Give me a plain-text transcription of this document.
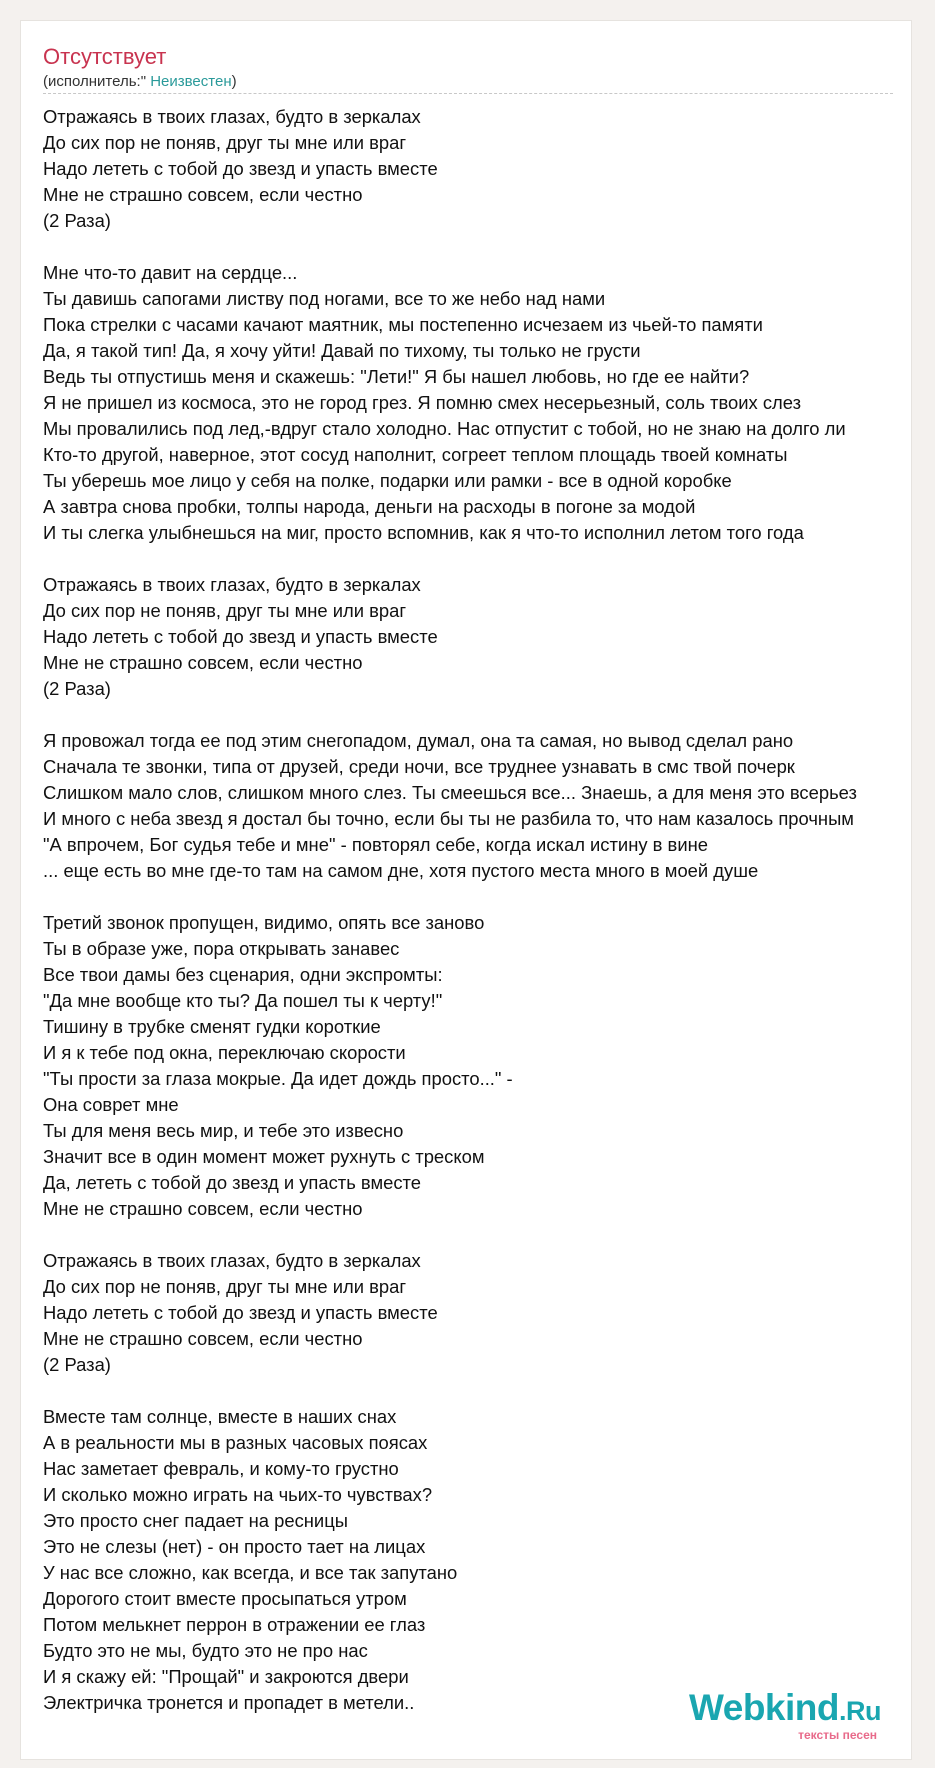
Отсутствует
(исполнитель:" Неизвестен)
Отражаясь в твоих глазах, будто в зеркалах
До сих пор не поняв, друг ты мне или враг
Надо лететь с тобой до звезд и упасть вместе
Мне не страшно совсем, если честно
(2 Раза)
Мне что-то давит на сердце...
Ты давишь сапогами листву под ногами, все то же небо над нами
Пока стрелки с часами качают маятник, мы постепенно исчезаем из чьей-то памяти
Да, я такой тип! Да, я хочу уйти! Давай по тихому, ты только не грусти
Ведь ты отпустишь меня и скажешь: "Лети!" Я бы нашел любовь, но где ее найти?
Я не пришел из космоса, это не город грез. Я помню смех несерьезный, соль твоих слез
Мы провалились под лед,-вдруг стало холодно. Нас отпустит с тобой, но не знаю на долго ли
Кто-то другой, наверное, этот сосуд наполнит, согреет теплом площадь твоей комнаты
Ты уберешь мое лицо у себя на полке, подарки или рамки - все в одной коробке
А завтра снова пробки, толпы народа, деньги на расходы в погоне за модой
И ты слегка улыбнешься на миг, просто вспомнив, как я что-то исполнил летом того года
Отражаясь в твоих глазах, будто в зеркалах
До сих пор не поняв, друг ты мне или враг
Надо лететь с тобой до звезд и упасть вместе
Мне не страшно совсем, если честно
(2 Раза)
Я провожал тогда ее под этим снегопадом, думал, она та самая, но вывод сделал рано
Сначала те звонки, типа от друзей, среди ночи, все труднее узнавать в смс твой почерк
Слишком мало слов, слишком много слез. Ты смеешься все... Знаешь, а для меня это всерьез
И много с неба звезд я достал бы точно, если бы ты не разбила то, что нам казалось прочным
"А впрочем, Бог судья тебе и мне" - повторял себе, когда искал истину в вине
... еще есть во мне где-то там на самом дне, хотя пустого места много в моей душе
Третий звонок пропущен, видимо, опять все заново
Ты в образе уже, пора открывать занавес
Все твои дамы без сценария, одни экспромты:
"Да мне вообще кто ты? Да пошел ты к черту!"
Тишину в трубке сменят гудки короткие
И я к тебе под окна, переключаю скорости
"Ты прости за глаза мокрые. Да идет дождь просто..." -
Она соврет мне
Ты для меня весь мир, и тебе это извесно
Значит все в один момент может рухнуть с треском
Да, лететь с тобой до звезд и упасть вместе
Мне не страшно совсем, если честно
Отражаясь в твоих глазах, будто в зеркалах
До сих пор не поняв, друг ты мне или враг
Надо лететь с тобой до звезд и упасть вместе
Мне не страшно совсем, если честно
(2 Раза)
Вместе там солнце, вместе в наших снах
А в реальности мы в разных часовых поясах
Нас заметает февраль, и кому-то грустно
И сколько можно играть на чьих-то чувствах?
Это просто снег падает на ресницы
Это не слезы (нет) - он просто тает на лицах
У нас все сложно, как всегда, и все так запутано
Дорогого стоит вместе просыпаться утром
Потом мелькнет перрон в отражении ее глаз
Будто это не мы, будто это не про нас
И я скажу ей: "Прощай" и закроются двери
Электричка тронется и пропадет в метели..	Webkind.Ru
тексты песен
